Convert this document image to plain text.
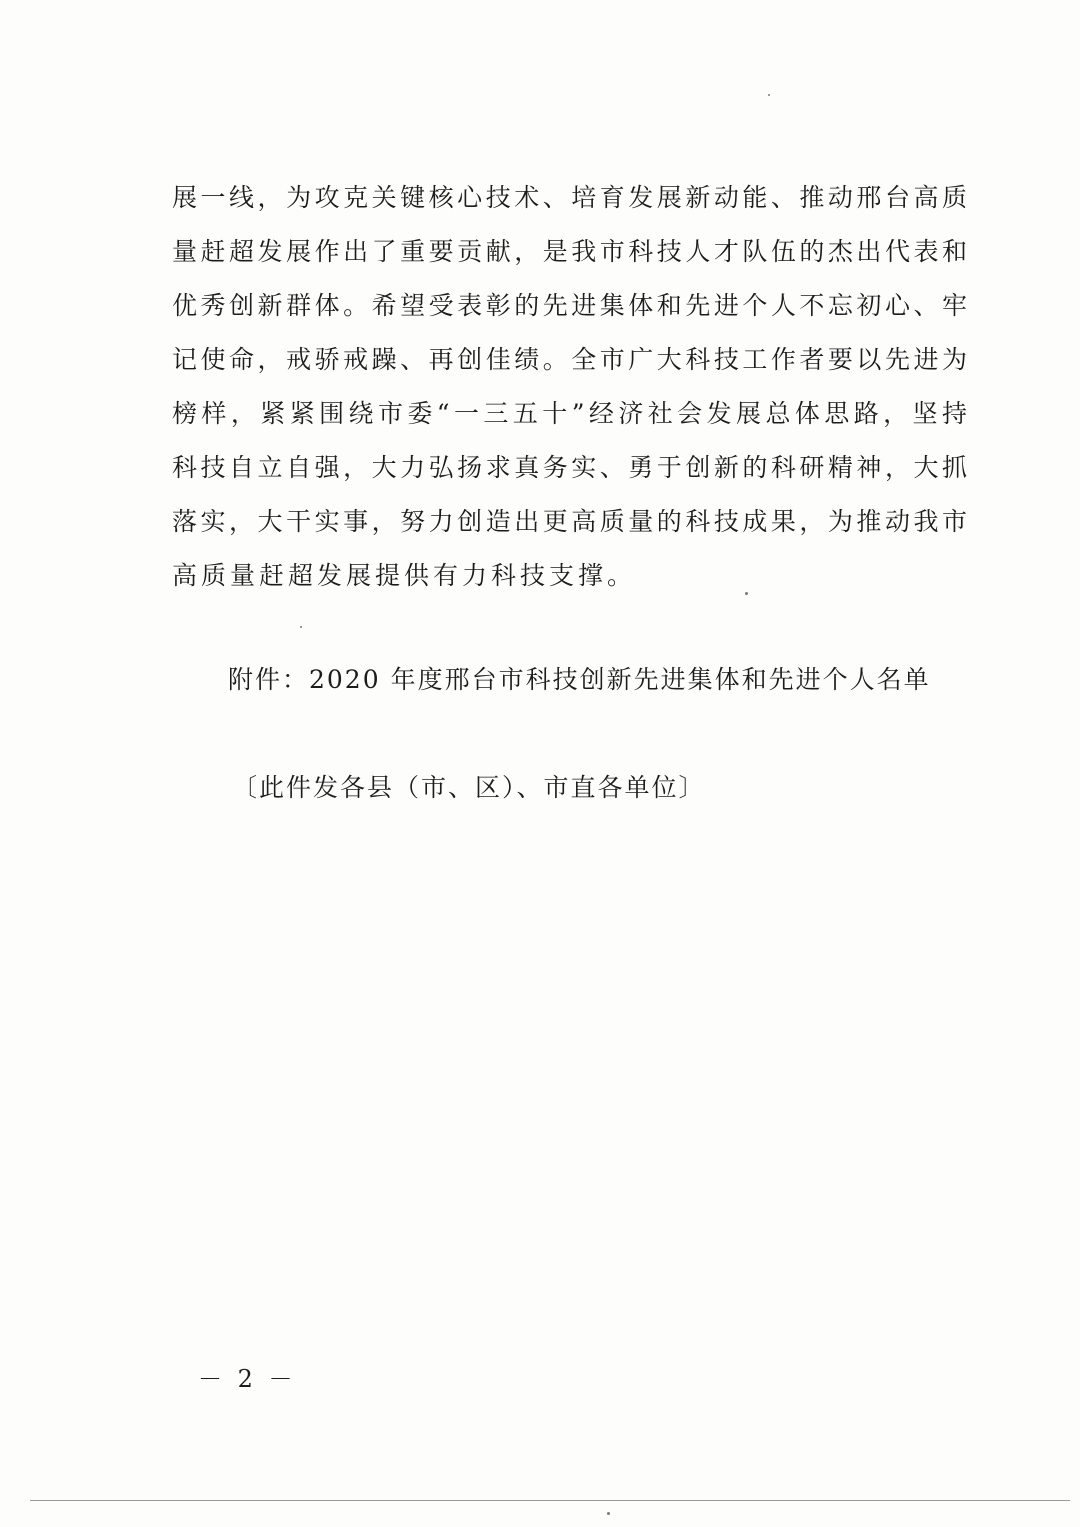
展一线，为攻克关键核心技术、培育发展新动能、推动邢台高质
量赶超发展作出了重要贡献，是我市科技人才队伍的杰出代表和
优秀创新群体。希望受表彰的先进集体和先进个人不忘初心、牢
记使命，戒骄戒躁、再创佳绩。全市广大科技工作者要以先进为
榜样，紧紧围绕市委“一三五十”经济社会发展总体思路，坚持
科技自立自强，大力弘扬求真务实、勇于创新的科研精神，大抓
落实，大干实事，努力创造出更高质量的科技成果，为推动我市
高质量赶超发展提供有力科技支撑。
附件：2020 年度邢台市科技创新先进集体和先进个人名单
〔此件发各县（市、区）、市直各单位〕
－ 2 －
